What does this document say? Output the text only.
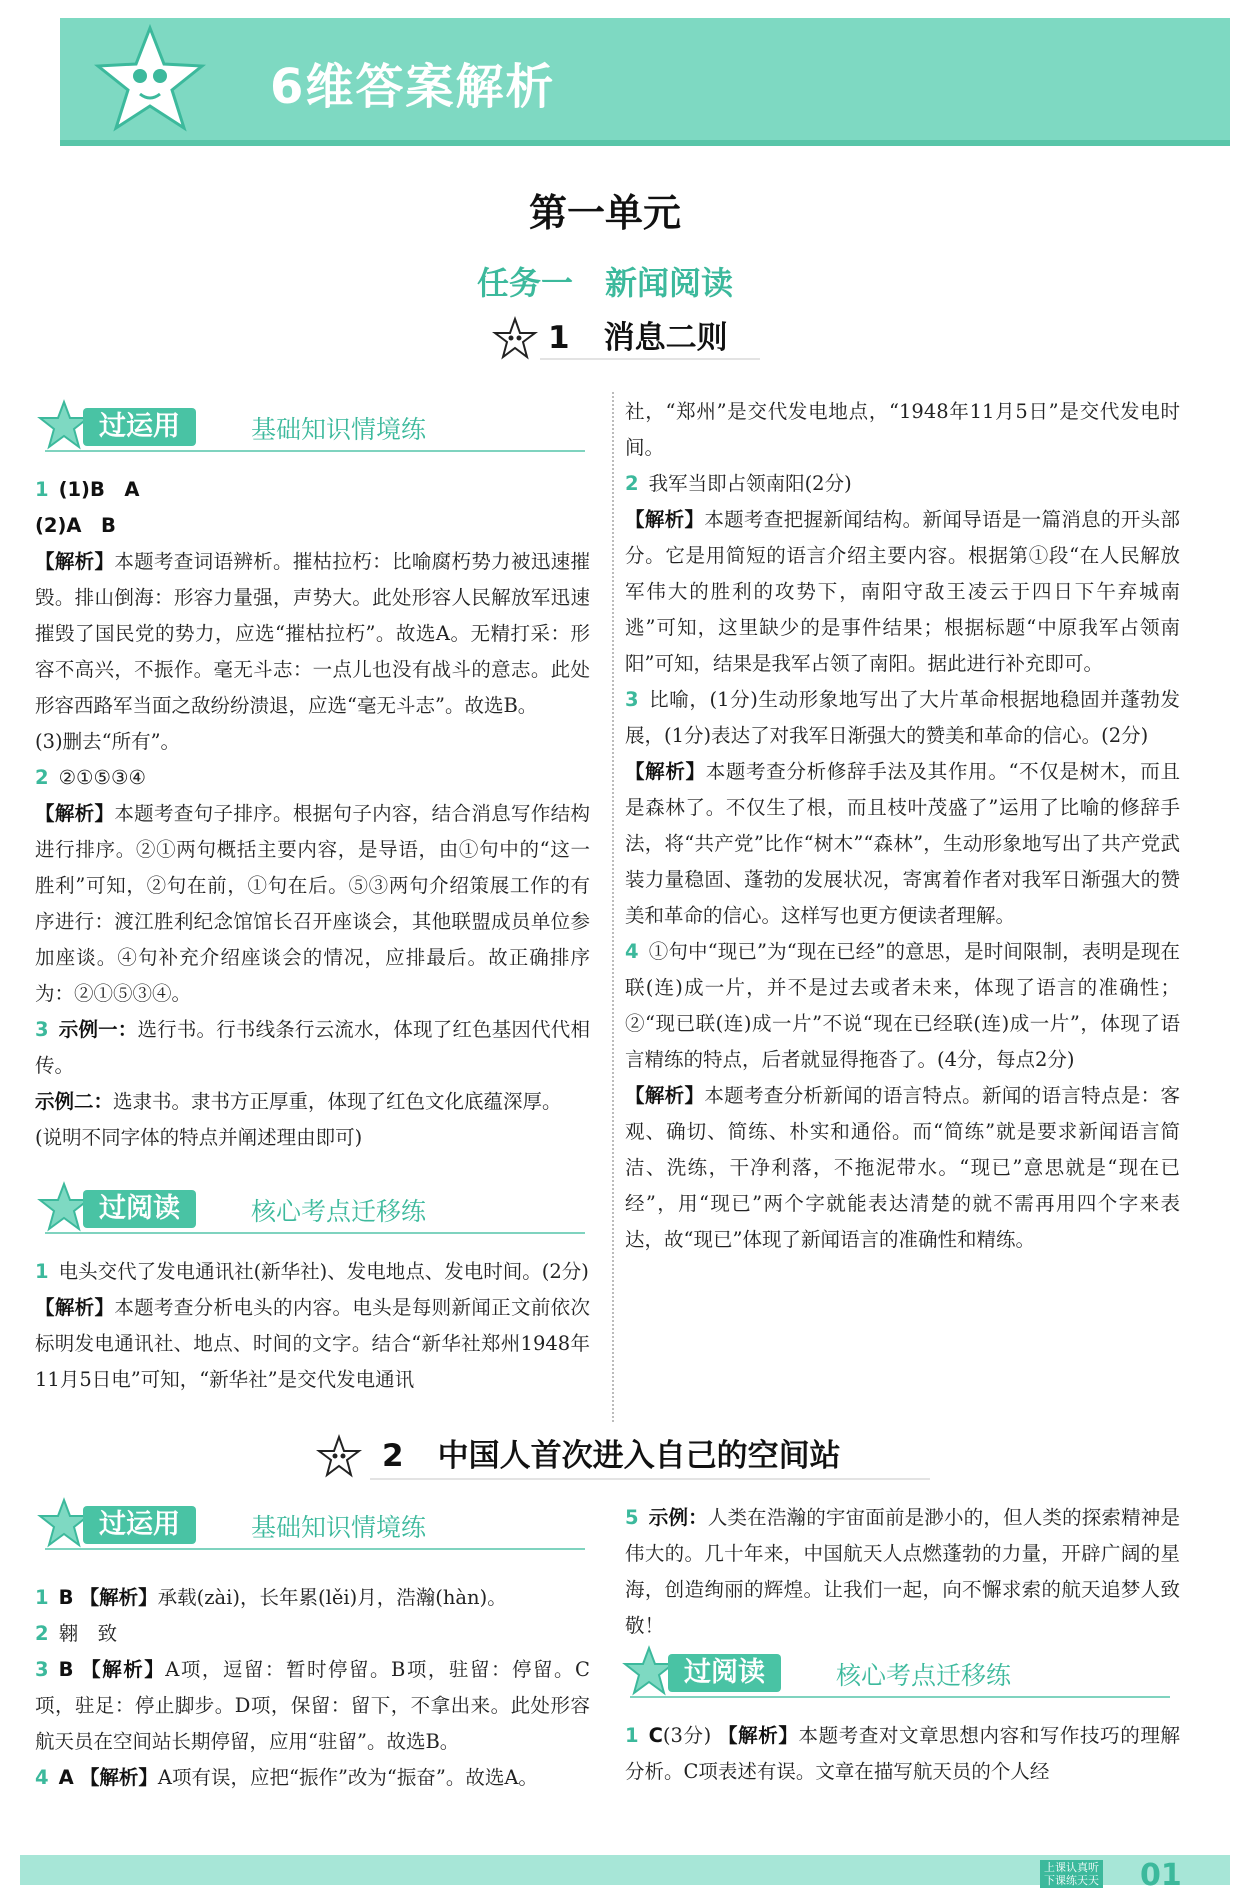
6维答案解析
第一单元
任务一　新闻阅读
1 消息二则
过运用	基础知识情境练

1 (1)B　A

(2)A　B

【解析】本题考查词语辨析。摧枯拉朽：比喻腐朽势力被迅速摧毁。排山倒海：形容力量强，声势大。此处形容人民解放军迅速摧毁了国民党的势力，应选“摧枯拉朽”。故选A。无精打采：形容不高兴，不振作。毫无斗志：一点儿也没有战斗的意志。此处形容西路军当面之敌纷纷溃退，应选“毫无斗志”。故选B。

(3)删去“所有”。

2 ②①⑤③④

【解析】本题考查句子排序。根据句子内容，结合消息写作结构进行排序。②①两句概括主要内容，是导语，由①句中的“这一胜利”可知，②句在前，①句在后。⑤③两句介绍策展工作的有序进行：渡江胜利纪念馆馆长召开座谈会，其他联盟成员单位参加座谈。④句补充介绍座谈会的情况，应排最后。故正确排序为：②①⑤③④。

3 示例一：选行书。行书线条行云流水，体现了红色基因代代相传。

示例二：选隶书。隶书方正厚重，体现了红色文化底蕴深厚。

(说明不同字体的特点并阐述理由即可)

过阅读	核心考点迁移练

1 电头交代了发电通讯社(新华社)、发电地点、发电时间。(2分)

【解析】本题考查分析电头的内容。电头是每则新闻正文前依次标明发电通讯社、地点、时间的文字。结合“新华社郑州1948年11月5日电”可知，“新华社”是交代发电通讯

社，“郑州”是交代发电地点，“1948年11月5日”是交代发电时间。

2 我军当即占领南阳(2分)

【解析】本题考查把握新闻结构。新闻导语是一篇消息的开头部分。它是用简短的语言介绍主要内容。根据第①段“在人民解放军伟大的胜利的攻势下，南阳守敌王凌云于四日下午弃城南逃”可知，这里缺少的是事件结果；根据标题“中原我军占领南阳”可知，结果是我军占领了南阳。据此进行补充即可。

3 比喻，(1分)生动形象地写出了大片革命根据地稳固并蓬勃发展，(1分)表达了对我军日渐强大的赞美和革命的信心。(2分)

【解析】本题考查分析修辞手法及其作用。“不仅是树木，而且是森林了。不仅生了根，而且枝叶茂盛了”运用了比喻的修辞手法，将“共产党”比作“树木”“森林”，生动形象地写出了共产党武装力量稳固、蓬勃的发展状况，寄寓着作者对我军日渐强大的赞美和革命的信心。这样写也更方便读者理解。

4 ①句中“现已”为“现在已经”的意思，是时间限制，表明是现在联(连)成一片，并不是过去或者未来，体现了语言的准确性；②“现已联(连)成一片”不说“现在已经联(连)成一片”，体现了语言精练的特点，后者就显得拖沓了。(4分，每点2分)

【解析】本题考查分析新闻的语言特点。新闻的语言特点是：客观、确切、简练、朴实和通俗。而“简练”就是要求新闻语言简洁、洗练，干净利落，不拖泥带水。“现已”意思就是“现在已经”，用“现已”两个字就能表达清楚的就不需再用四个字来表达，故“现已”体现了新闻语言的准确性和精练。

2 中国人首次进入自己的空间站
过运用	基础知识情境练

1 B 【解析】承载(zài)，长年累(lěi)月，浩瀚(hàn)。

2 翱　致

3 B 【解析】A项，逗留：暂时停留。B项，驻留：停留。C项，驻足：停止脚步。D项，保留：留下，不拿出来。此处形容航天员在空间站长期停留，应用“驻留”。故选B。

4 A 【解析】A项有误，应把“振作”改为“振奋”。故选A。

5 示例：人类在浩瀚的宇宙面前是渺小的，但人类的探索精神是伟大的。几十年来，中国航天人点燃蓬勃的力量，开辟广阔的星海，创造绚丽的辉煌。让我们一起，向不懈求索的航天追梦人致敬！

过阅读	核心考点迁移练

1 C(3分) 【解析】本题考查对文章思想内容和写作技巧的理解分析。C项表述有误。文章在描写航天员的个人经

上课认真听
下课练天天 01
